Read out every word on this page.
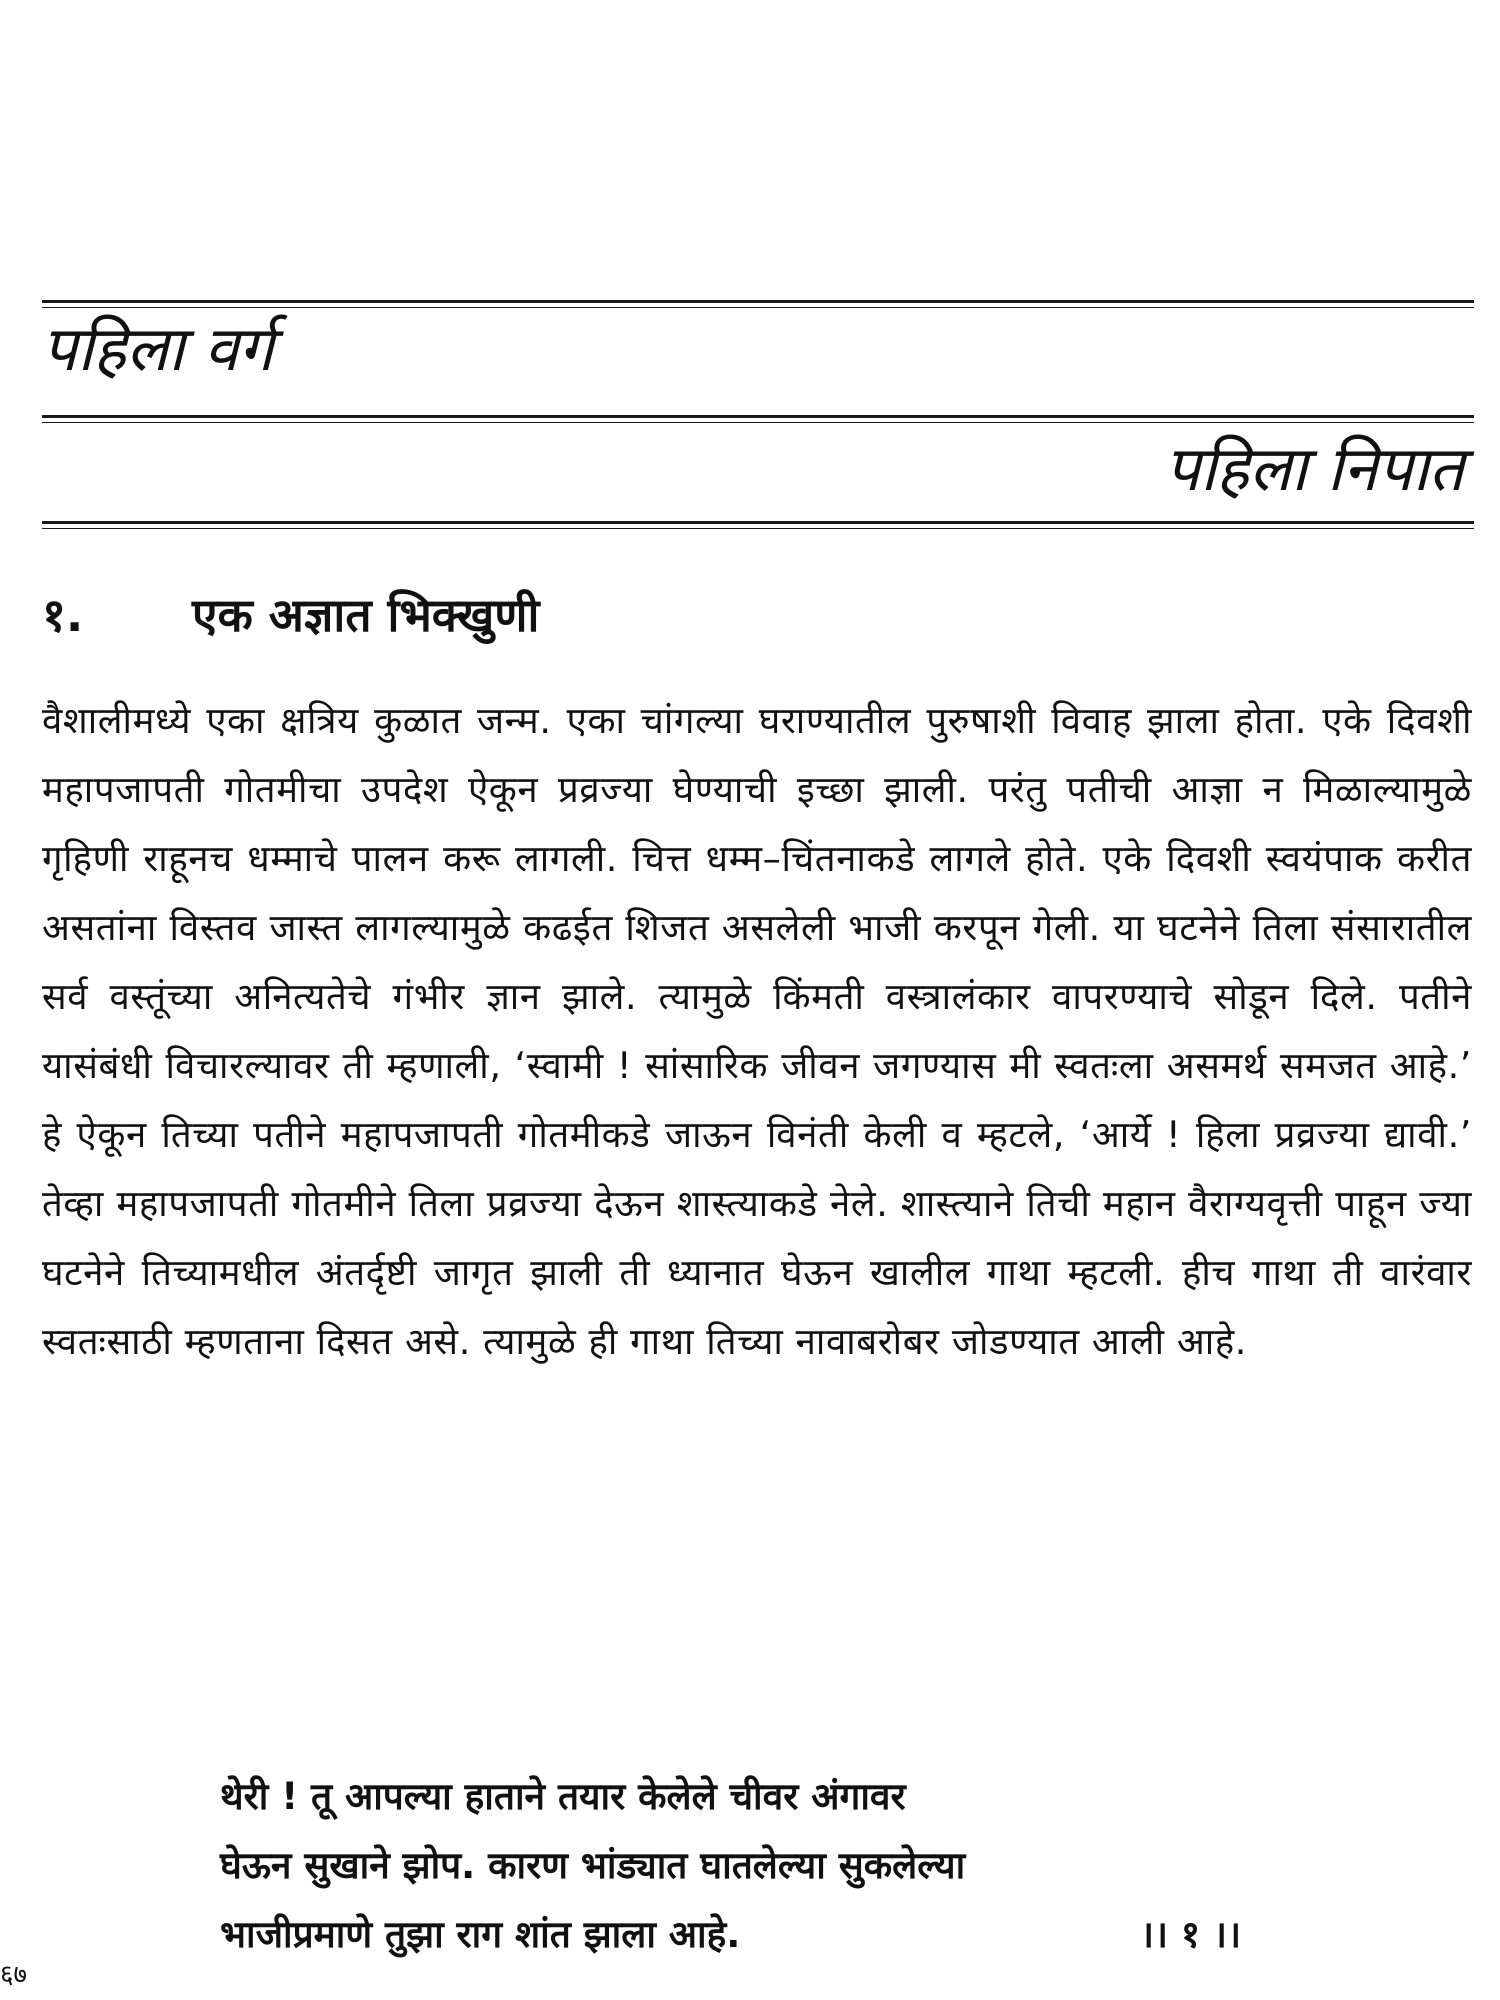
पहिला वर्ग
पहिला निपात
१. एक अज्ञात भिक्खुणी

वैशालीमध्ये एका क्षत्रिय कुळात जन्म. एका चांगल्या घराण्यातील पुरुषाशी विवाह झाला होता. एके दिवशी महापजापती गोतमीचा उपदेश ऐकून प्रव्रज्या घेण्याची इच्छा झाली. परंतु पतीची आज्ञा न मिळाल्यामुळे गृहिणी राहूनच धम्माचे पालन करू लागली. चित्त धम्म–चिंतनाकडे लागले होते. एके दिवशी स्वयंपाक करीत असतांना विस्तव जास्त लागल्यामुळे कढईत शिजत असलेली भाजी करपून गेली. या घटनेने तिला संसारातील सर्व वस्तूंच्या अनित्यतेचे गंभीर ज्ञान झाले. त्यामुळे किंमती वस्त्रालंकार वापरण्याचे सोडून दिले. पतीने यासंबंधी विचारल्यावर ती म्हणाली, ‘स्वामी ! सांसारिक जीवन जगण्यास मी स्वतःला असमर्थ समजत आहे.’ हे ऐकून तिच्या पतीने महापजापती गोतमीकडे जाऊन विनंती केली व म्हटले, ‘आर्ये ! हिला प्रव्रज्या द्यावी.’ तेव्हा महापजापती गोतमीने तिला प्रव्रज्या देऊन शास्त्याकडे नेले. शास्त्याने तिची महान वैराग्यवृत्ती पाहून ज्या घटनेने तिच्यामधील अंतर्दृष्टी जागृत झाली ती ध्यानात घेऊन खालील गाथा म्हटली. हीच गाथा ती वारंवार स्वतःसाठी म्हणताना दिसत असे. त्यामुळे ही गाथा तिच्या नावाबरोबर जोडण्यात आली आहे.

थेरी ! तू आपल्या हाताने तयार केलेले चीवर अंगावर
घेऊन सुखाने झोप. कारण भांड्यात घातलेल्या सुकलेल्या
भाजीप्रमाणे तुझा राग शांत झाला आहे.	।। १ ।।
६७
